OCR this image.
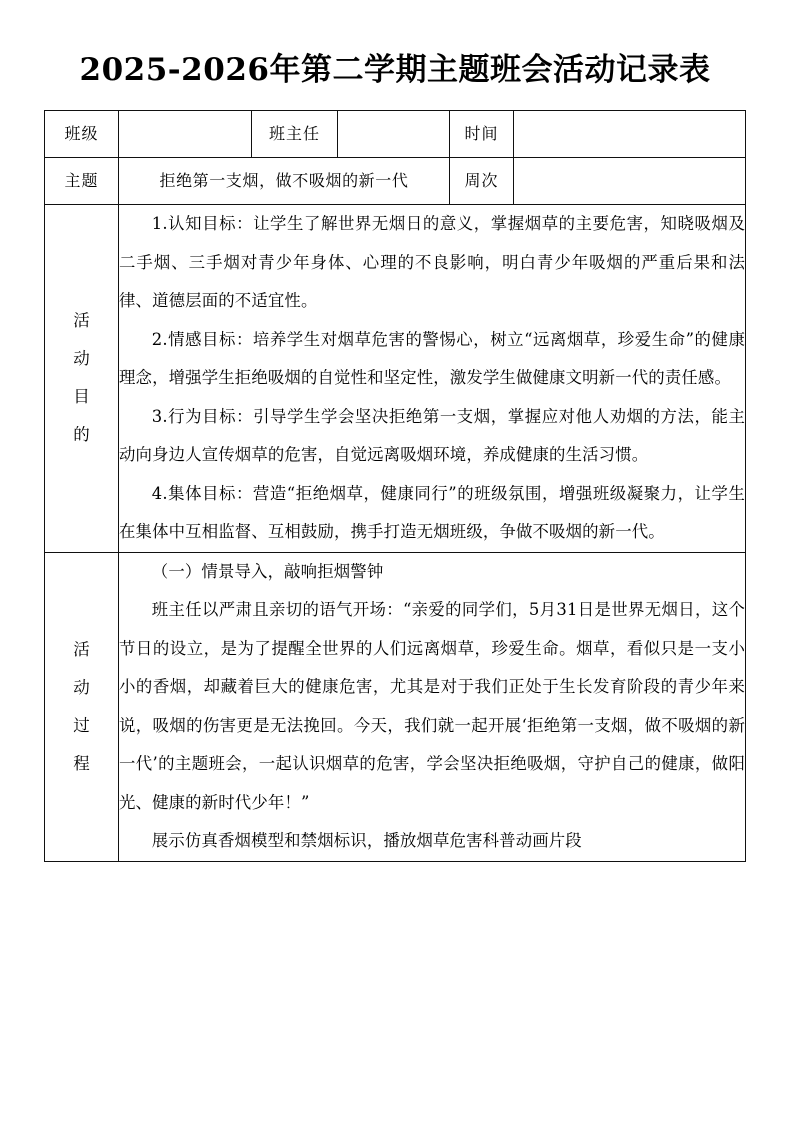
2025-2026年第二学期主题班会活动记录表
班级		班主任		时间	
主题	拒绝第一支烟，做不吸烟的新一代			周次	

活
动
目
的

1.认知目标：让学生了解世界无烟日的意义，掌握烟草的主要危害，知晓吸烟及二手烟、三手烟对青少年身体、心理的不良影响，明白青少年吸烟的严重后果和法律、道德层面的不适宜性。

2.情感目标：培养学生对烟草危害的警惕心，树立“远离烟草，珍爱生命”的健康理念，增强学生拒绝吸烟的自觉性和坚定性，激发学生做健康文明新一代的责任感。

3.行为目标：引导学生学会坚决拒绝第一支烟，掌握应对他人劝烟的方法，能主动向身边人宣传烟草的危害，自觉远离吸烟环境，养成健康的生活习惯。

4.集体目标：营造“拒绝烟草，健康同行”的班级氛围，增强班级凝聚力，让学生在集体中互相监督、互相鼓励，携手打造无烟班级，争做不吸烟的新一代。

活
动
过
程

（一）情景导入，敲响拒烟警钟

班主任以严肃且亲切的语气开场：“亲爱的同学们，5月31日是世界无烟日，这个节日的设立，是为了提醒全世界的人们远离烟草，珍爱生命。烟草，看似只是一支小小的香烟，却藏着巨大的健康危害，尤其是对于我们正处于生长发育阶段的青少年来说，吸烟的伤害更是无法挽回。今天，我们就一起开展‘拒绝第一支烟，做不吸烟的新一代’的主题班会，一起认识烟草的危害，学会坚决拒绝吸烟，守护自己的健康，做阳光、健康的新时代少年！”

展示仿真香烟模型和禁烟标识，播放烟草危害科普动画片段
